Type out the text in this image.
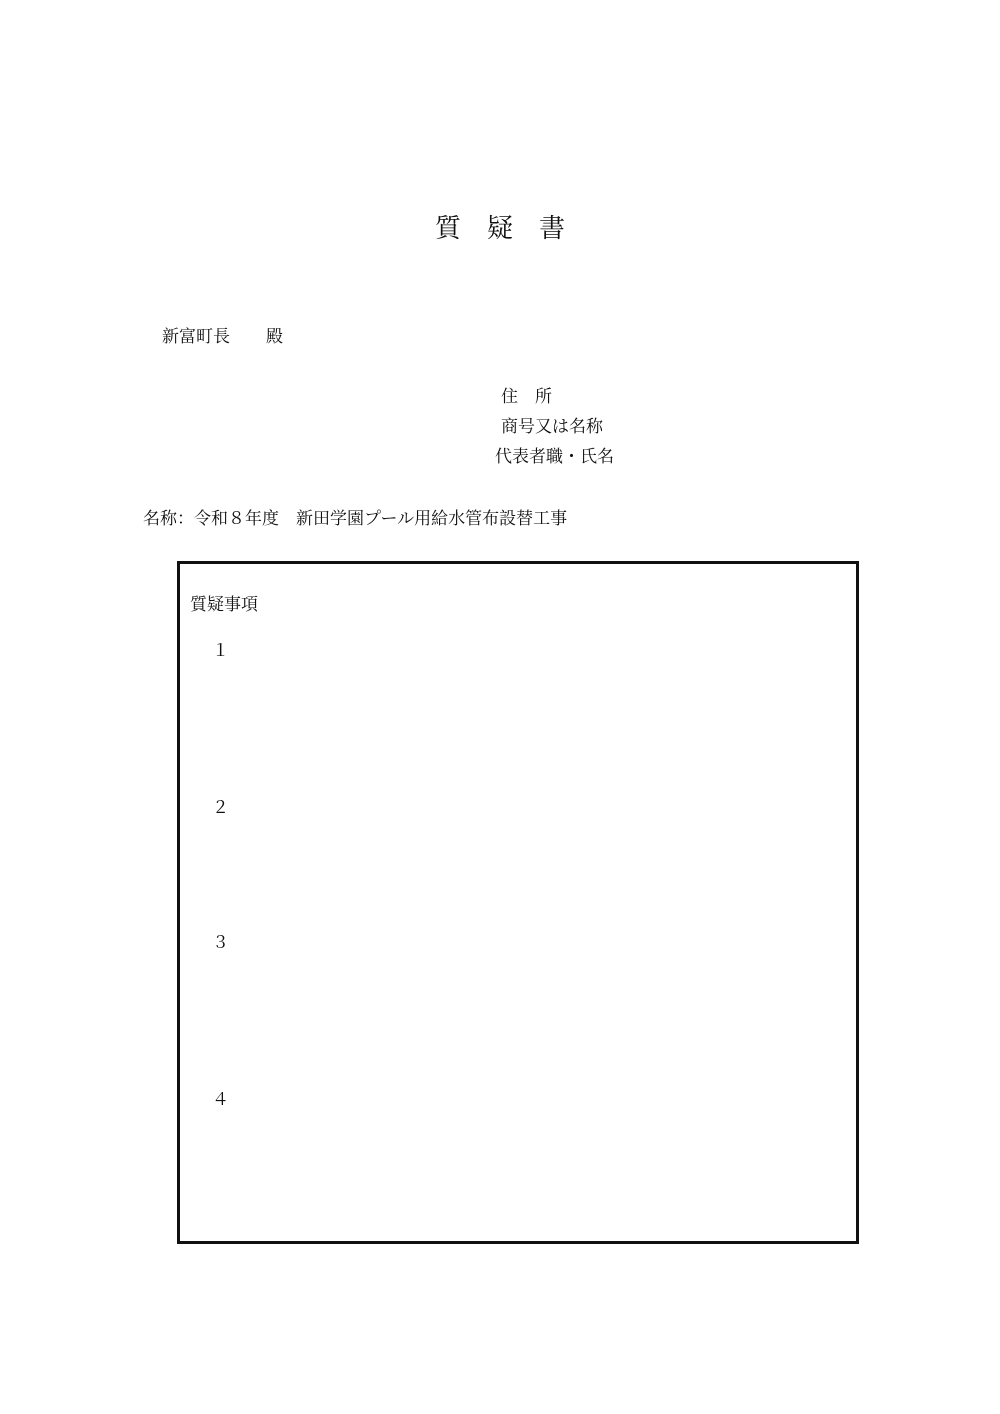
質　疑　書
新富町長 殿
住　所
商号又は名称
代表者職・氏名
名称：令和８年度　新田学園プール用給水管布設替工事
質疑事項
１
２
３
４
